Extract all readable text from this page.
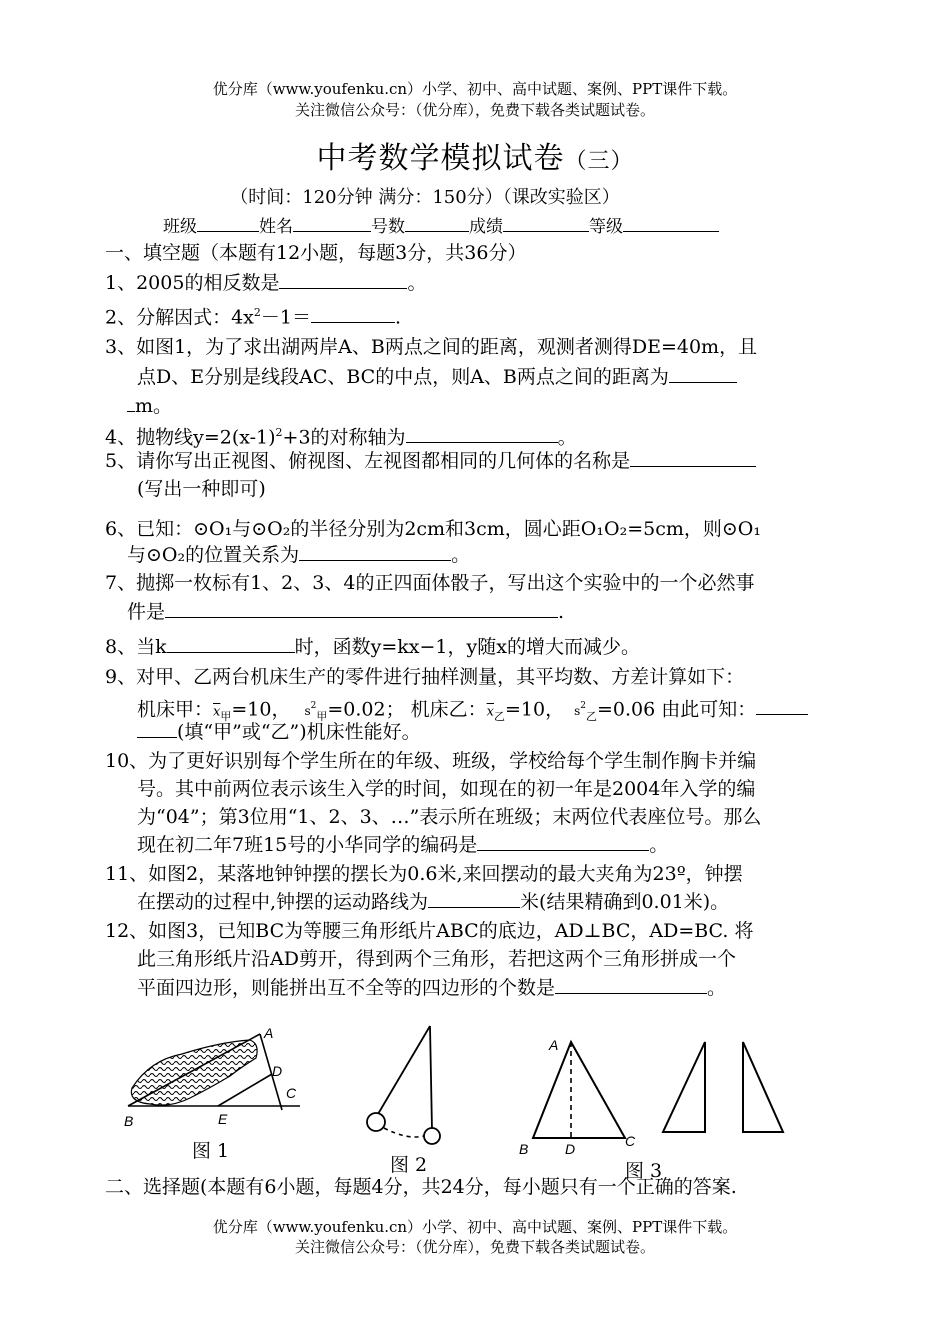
优分库（www.youfenku.cn）小学、初中、高中试题、案例、PPT课件下载。
关注微信公众号：（优分库），免费下载各类试题试卷。
中考数学模拟试卷（三）
（时间：120分钟 满分：150分）（课改实验区）
班级	姓名	号数	成绩	等级
一、填空题（本题有12小题，每题3分，共36分）
1、2005的相反数是	。
2、分解因式：$4x^2-1=$	.
3、如图1，为了求出湖两岸A、B两点之间的距离，观测者测得DE=40m，且
点D、E分别是线段AC、BC的中点，则A、B两点之间的距离为
m。
4、抛物线$y=2(x-1)^2+3$的对称轴为	。
5、请你写出正视图、俯视图、左视图都相同的几何体的名称是
(写出一种即可)
6、已知：⊙O₁与⊙O₂的半径分别为2cm和3cm，圆心距O₁O₂=5cm，则⊙O₁
与⊙O₂的位置关系为	。
7、抛掷一枚标有1、2、3、4的正四面体骰子，写出这个实验中的一个必然事
件是	.
8、当k	时，函数y=kx−1，y随x的增大而减少。
9、对甲、乙两台机床生产的零件进行抽样测量，其平均数、方差计算如下：
机床甲：$\overline{x}_甲=10$， $s^2_甲=0.02$； 机床乙：$\overline{x}_乙=10$， $s^2_乙=0.06$ 由此可知：
(填“甲”或“乙”)机床性能好。
10、为了更好识别每个学生所在的年级、班级，学校给每个学生制作胸卡并编
号。其中前两位表示该生入学的时间，如现在的初一年是2004年入学的编
为“04”；第3位用“1、2、3、…”表示所在班级；末两位代表座位号。那么
现在初二年7班15号的小华同学的编码是	。
11、如图2，某落地钟钟摆的摆长为0.6米,来回摆动的最大夹角为23º，钟摆
在摆动的过程中,钟摆的运动路线为	米(结果精确到0.01米)。
12、如图3，已知BC为等腰三角形纸片ABC的底边，AD⊥BC，AD=BC. 将
此三角形纸片沿AD剪开，得到两个三角形，若把这两个三角形拼成一个
平面四边形，则能拼出互不全等的四边形的个数是	。
A
D
C
B	E
图 1
图 2
A
B	D	C
图 3
二、选择题(本题有6小题，每题4分，共24分，每小题只有一个正确的答案.
优分库（www.youfenku.cn）小学、初中、高中试题、案例、PPT课件下载。
关注微信公众号：（优分库），免费下载各类试题试卷。
